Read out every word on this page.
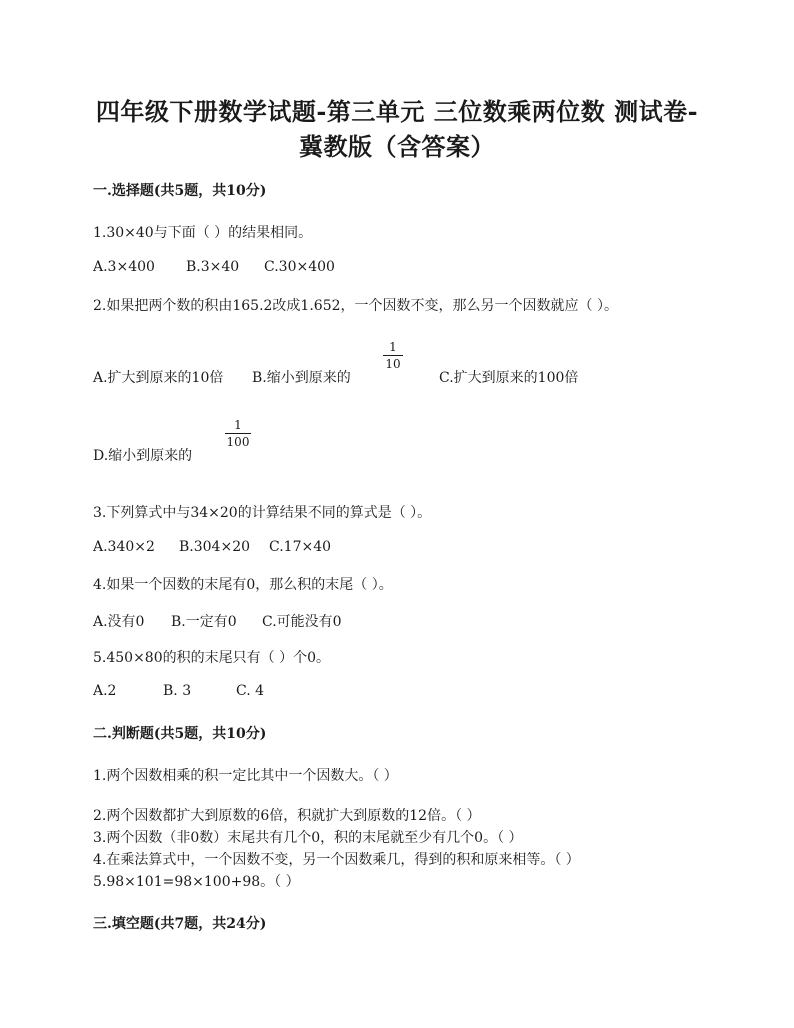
四年级下册数学试题-第三单元 三位数乘两位数 测试卷-
冀教版（含答案）
一.选择题(共5题，共10分)
1.30×40与下面（ ）的结果相同。
A.3×400 B.3×40 C.30×400
2.如果把两个数的积由165.2改成1.652，一个因数不变，那么另一个因数就应（ ）。
A.扩大到原来的10倍 B.缩小到原来的
1
10
C.扩大到原来的100倍
D.缩小到原来的
1
100
3.下列算式中与34×20的计算结果不同的算式是（ ）。
A.340×2 B.304×20 C.17×40
4.如果一个因数的末尾有0，那么积的末尾（ ）。
A.没有0 B.一定有0 C.可能没有0
5.450×80的积的末尾只有（ ）个0。
A.2	B. 3	C. 4
二.判断题(共5题，共10分)
1.两个因数相乘的积一定比其中一个因数大。（ ）
2.两个因数都扩大到原数的6倍，积就扩大到原数的12倍。（ ）
3.两个因数（非0数）末尾共有几个0，积的末尾就至少有几个0。（ ）
4.在乘法算式中，一个因数不变，另一个因数乘几，得到的积和原来相等。（ ）
5.98×101=98×100+98。（ ）
三.填空题(共7题，共24分)
